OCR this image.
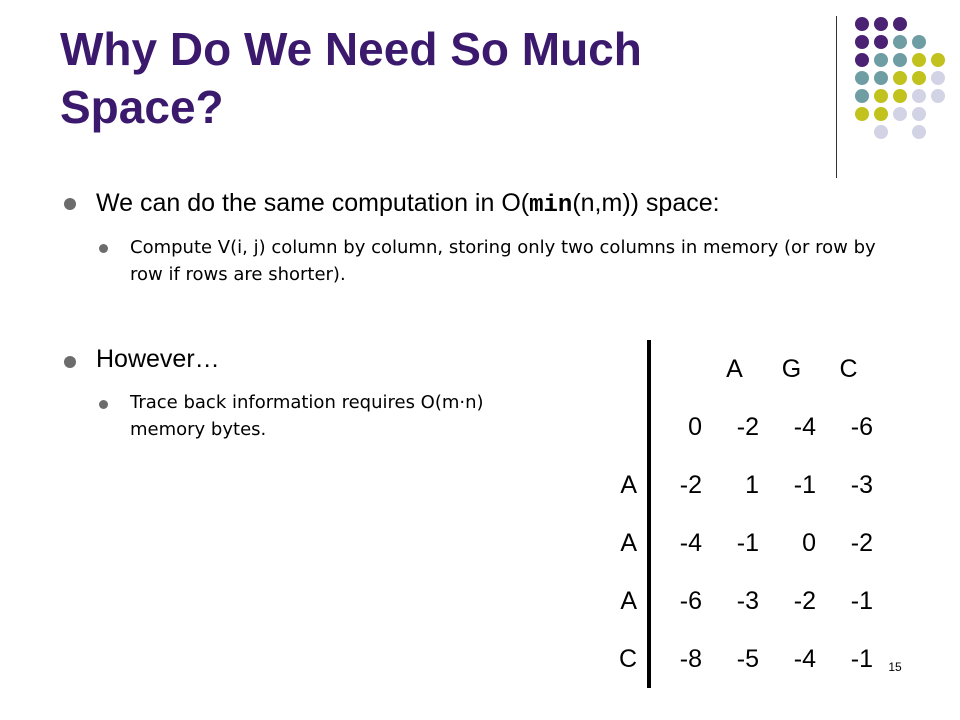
Why Do We Need So Much Space?
We can do the same computation in O(min(n,m)) space:
Compute V(i, j) column by column, storing only two columns in memory (or row by row if rows are shorter).
However…
Trace back information requires O(m·n) memory bytes.
		A	G	C
	0	-2	-4	-6
A	-2	1	-1	-3
A	-4	-1	0	-2
A	-6	-3	-2	-1
C	-8	-5	-4	-1	15
